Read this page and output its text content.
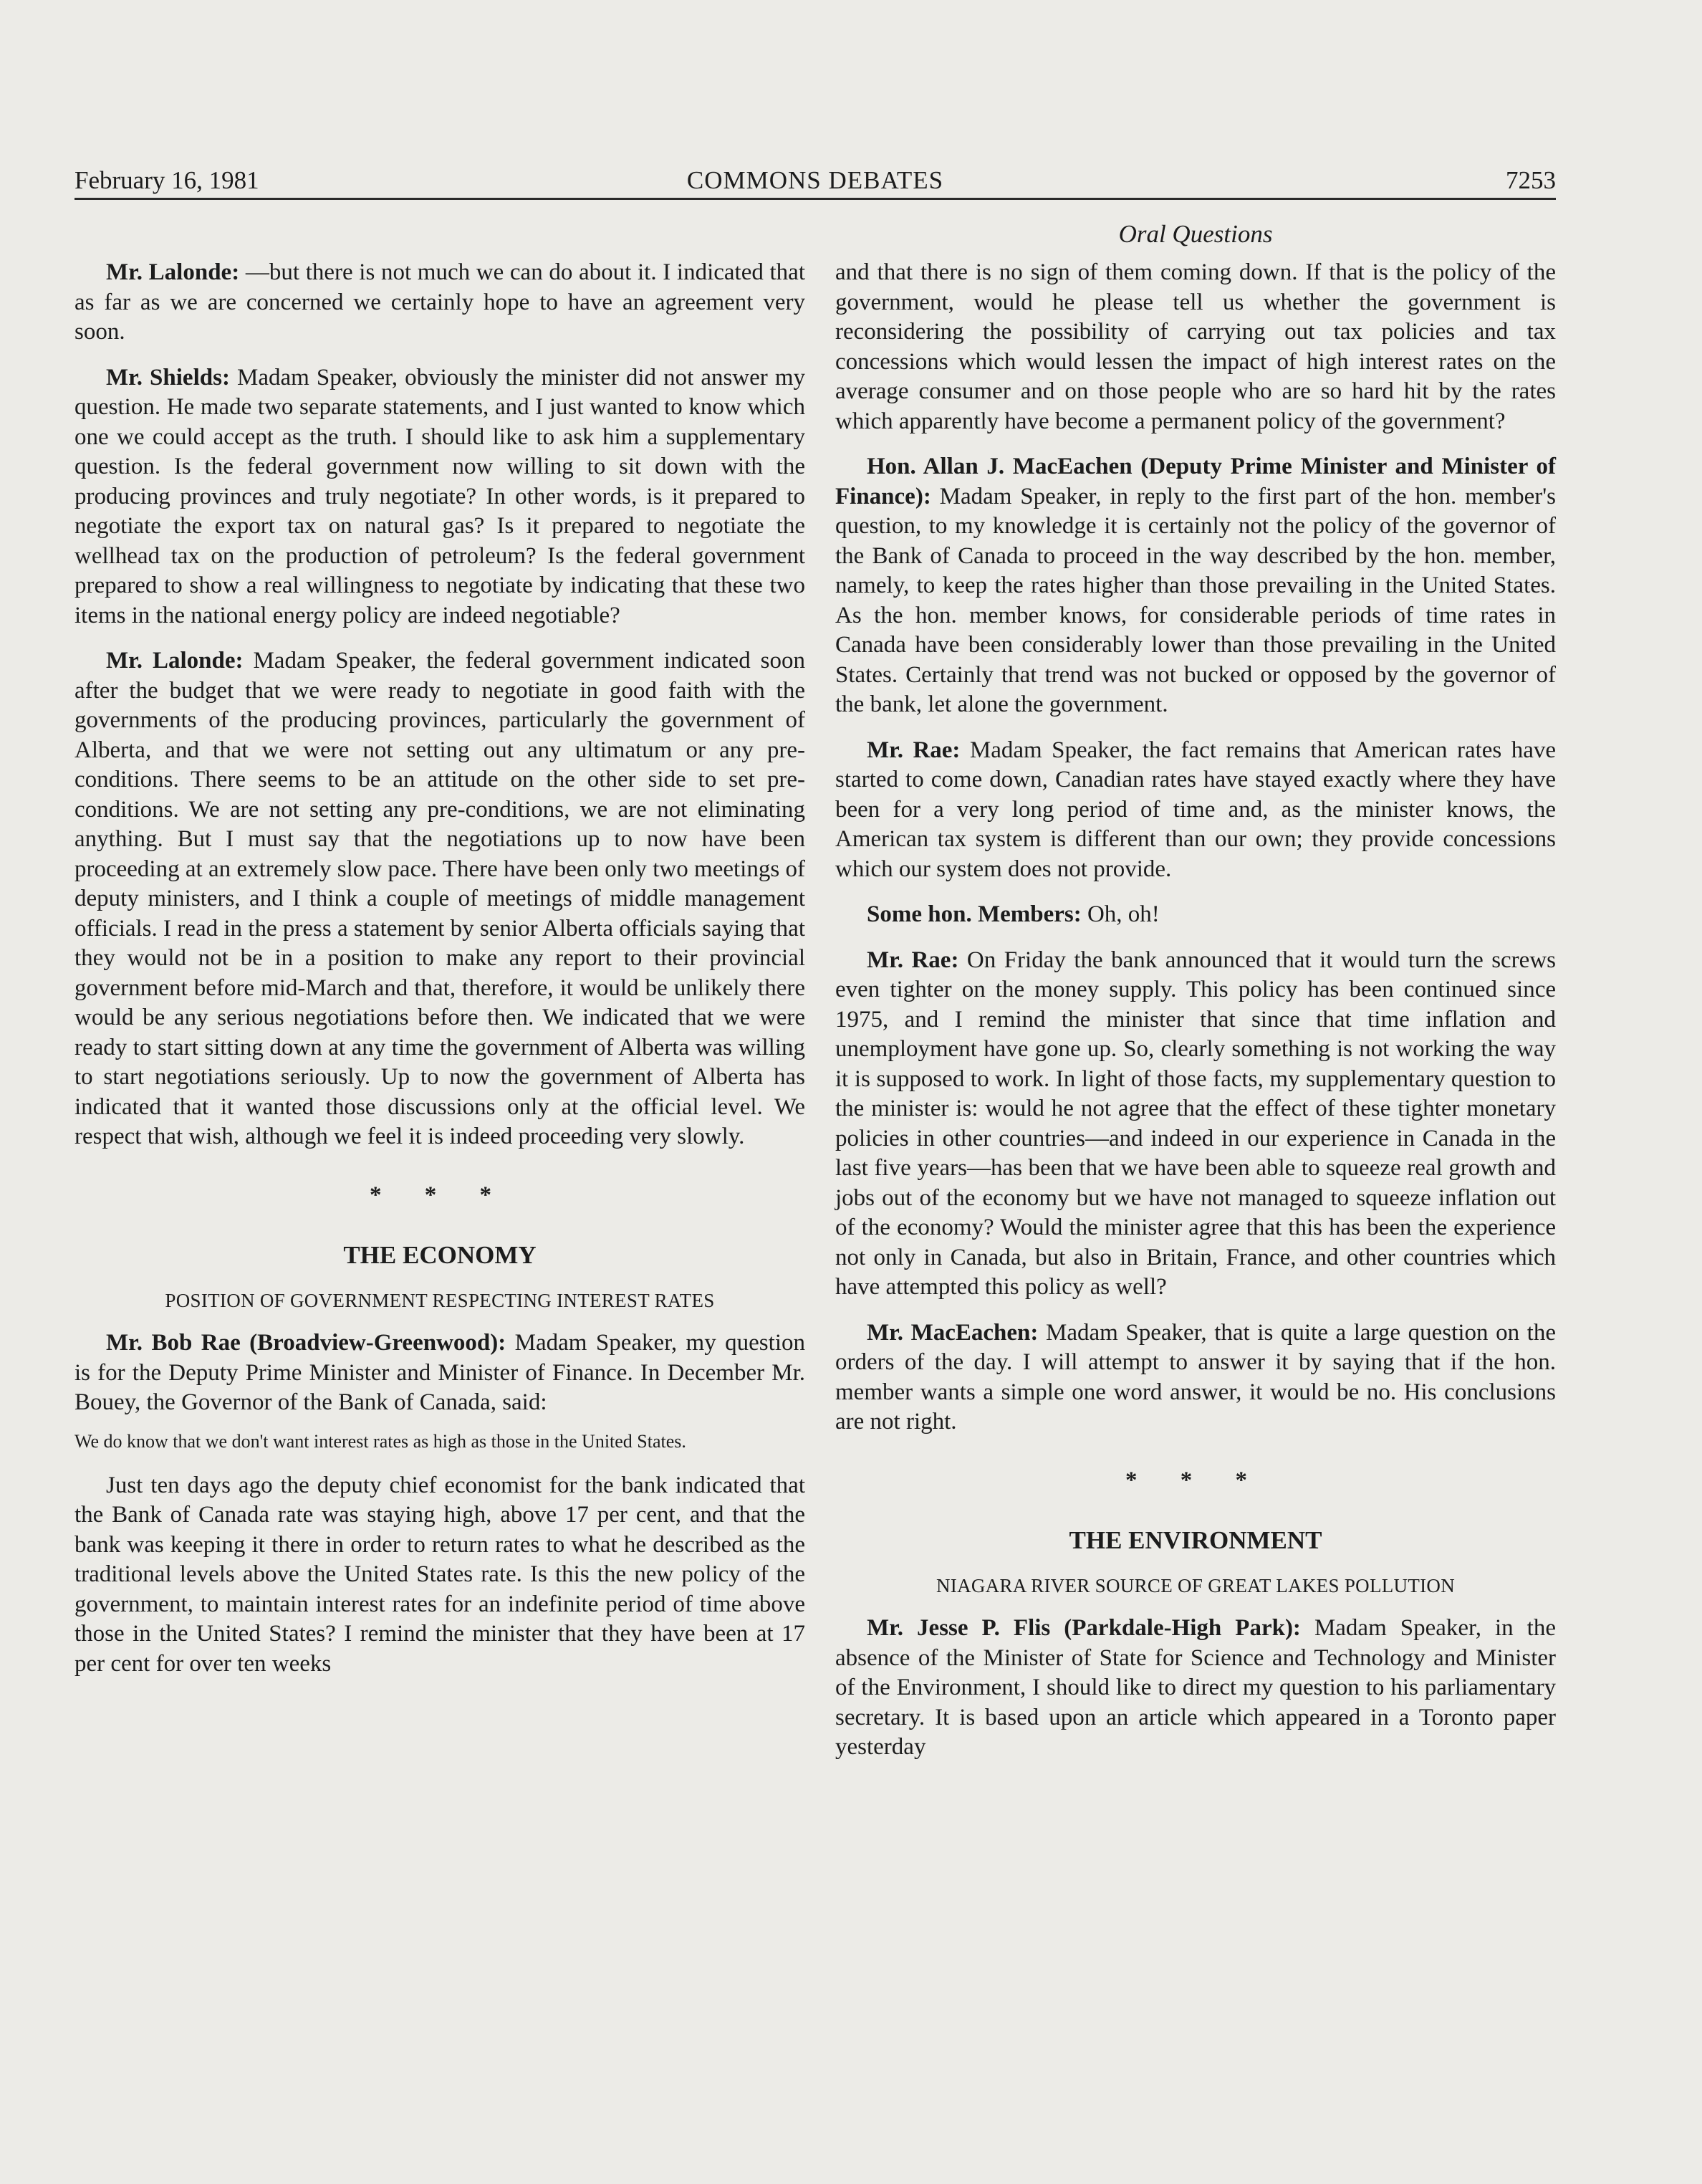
February 16, 1981	COMMONS DEBATES	7253
Oral Questions

Mr. Lalonde: —but there is not much we can do about it. I indicated that as far as we are concerned we certainly hope to have an agreement very soon.

Mr. Shields: Madam Speaker, obviously the minister did not answer my question. He made two separate statements, and I just wanted to know which one we could accept as the truth. I should like to ask him a supplementary question. Is the federal government now willing to sit down with the producing provinces and truly negotiate? In other words, is it prepared to negotiate the export tax on natural gas? Is it prepared to negotiate the wellhead tax on the production of petroleum? Is the federal government prepared to show a real willingness to negotiate by indicating that these two items in the national energy policy are indeed negotiable?

Mr. Lalonde: Madam Speaker, the federal government indicated soon after the budget that we were ready to negotiate in good faith with the governments of the producing provinces, particularly the government of Alberta, and that we were not setting out any ultimatum or any pre-conditions. There seems to be an attitude on the other side to set pre-conditions. We are not setting any pre-conditions, we are not eliminating anything. But I must say that the negotiations up to now have been proceeding at an extremely slow pace. There have been only two meetings of deputy ministers, and I think a couple of meetings of middle management officials. I read in the press a statement by senior Alberta officials saying that they would not be in a position to make any report to their provincial government before mid-March and that, therefore, it would be unlikely there would be any serious negotiations before then. We indicated that we were ready to start sitting down at any time the government of Alberta was willing to start negotiations seriously. Up to now the government of Alberta has indicated that it wanted those discussions only at the official level. We respect that wish, although we feel it is indeed proceeding very slowly.

* * *

THE ECONOMY

POSITION OF GOVERNMENT RESPECTING INTEREST RATES

Mr. Bob Rae (Broadview-Greenwood): Madam Speaker, my question is for the Deputy Prime Minister and Minister of Finance. In December Mr. Bouey, the Governor of the Bank of Canada, said:

We do know that we don't want interest rates as high as those in the United States.

Just ten days ago the deputy chief economist for the bank indicated that the Bank of Canada rate was staying high, above 17 per cent, and that the bank was keeping it there in order to return rates to what he described as the traditional levels above the United States rate. Is this the new policy of the government, to maintain interest rates for an indefinite period of time above those in the United States? I remind the minister that they have been at 17 per cent for over ten weeks

and that there is no sign of them coming down. If that is the policy of the government, would he please tell us whether the government is reconsidering the possibility of carrying out tax policies and tax concessions which would lessen the impact of high interest rates on the average consumer and on those people who are so hard hit by the rates which apparently have become a permanent policy of the government?

Hon. Allan J. MacEachen (Deputy Prime Minister and Minister of Finance): Madam Speaker, in reply to the first part of the hon. member's question, to my knowledge it is certainly not the policy of the governor of the Bank of Canada to proceed in the way described by the hon. member, namely, to keep the rates higher than those prevailing in the United States. As the hon. member knows, for considerable periods of time rates in Canada have been considerably lower than those prevailing in the United States. Certainly that trend was not bucked or opposed by the governor of the bank, let alone the government.

Mr. Rae: Madam Speaker, the fact remains that American rates have started to come down, Canadian rates have stayed exactly where they have been for a very long period of time and, as the minister knows, the American tax system is different than our own; they provide concessions which our system does not provide.

Some hon. Members: Oh, oh!

Mr. Rae: On Friday the bank announced that it would turn the screws even tighter on the money supply. This policy has been continued since 1975, and I remind the minister that since that time inflation and unemployment have gone up. So, clearly something is not working the way it is supposed to work. In light of those facts, my supplementary question to the minister is: would he not agree that the effect of these tighter monetary policies in other countries—and indeed in our experience in Canada in the last five years—has been that we have been able to squeeze real growth and jobs out of the economy but we have not managed to squeeze inflation out of the economy? Would the minister agree that this has been the experience not only in Canada, but also in Britain, France, and other countries which have attempted this policy as well?

Mr. MacEachen: Madam Speaker, that is quite a large question on the orders of the day. I will attempt to answer it by saying that if the hon. member wants a simple one word answer, it would be no. His conclusions are not right.

* * *

THE ENVIRONMENT

NIAGARA RIVER SOURCE OF GREAT LAKES POLLUTION

Mr. Jesse P. Flis (Parkdale-High Park): Madam Speaker, in the absence of the Minister of State for Science and Technology and Minister of the Environment, I should like to direct my question to his parliamentary secretary. It is based upon an article which appeared in a Toronto paper yesterday
